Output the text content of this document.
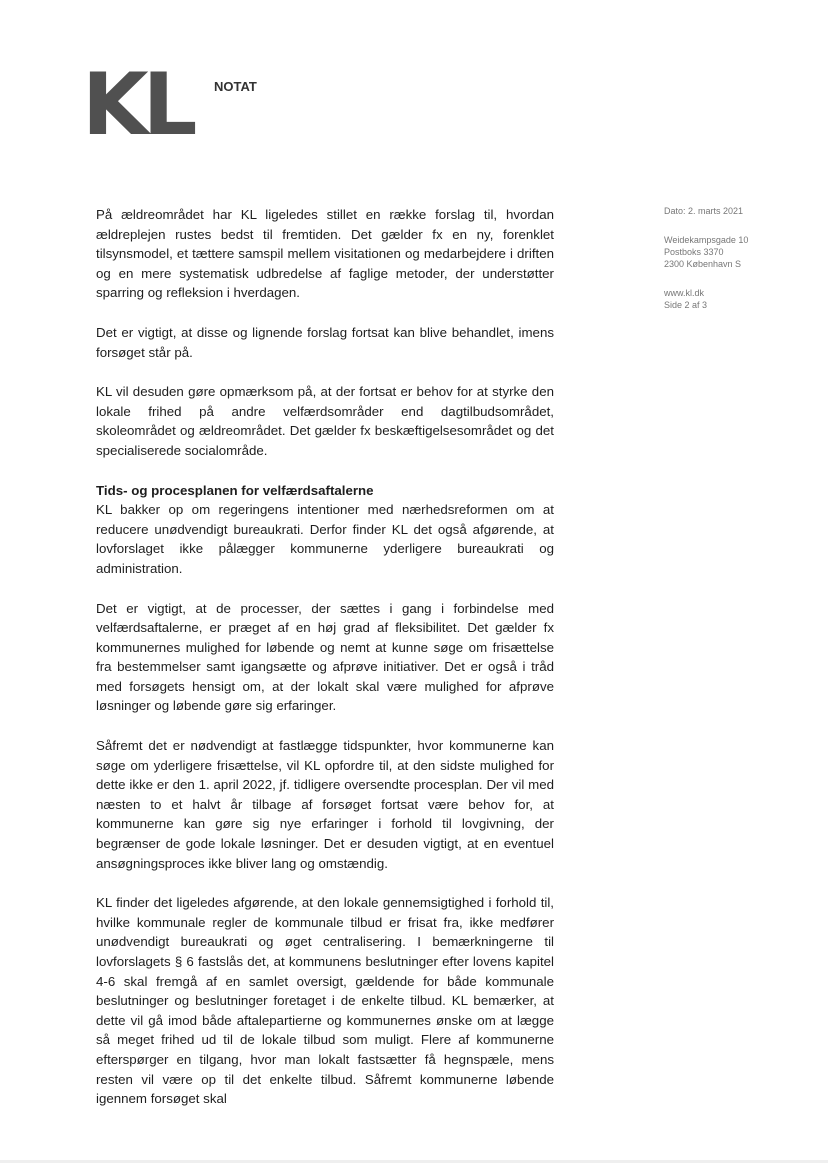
KL NOTAT
Dato: 2. marts 2021
Weidekampsgade 10
Postboks 3370
2300 København S
www.kl.dk
Side 2 af 3

På ældreområdet har KL ligeledes stillet en række forslag til, hvordan ældreplejen rustes bedst til fremtiden. Det gælder fx en ny, forenklet tilsynsmodel, et tættere samspil mellem visitationen og medarbejdere i driften og en mere systematisk udbredelse af faglige metoder, der understøtter sparring og refleksion i hverdagen.

Det er vigtigt, at disse og lignende forslag fortsat kan blive behandlet, imens forsøget står på.

KL vil desuden gøre opmærksom på, at der fortsat er behov for at styrke den lokale frihed på andre velfærdsområder end dagtilbudsområdet, skoleområdet og ældreområdet. Det gælder fx beskæftigelsesområdet og det specialiserede socialområde.

Tids- og procesplanen for velfærdsaftalerne

KL bakker op om regeringens intentioner med nærhedsreformen om at reducere unødvendigt bureaukrati. Derfor finder KL det også afgørende, at lovforslaget ikke pålægger kommunerne yderligere bureaukrati og administration.

Det er vigtigt, at de processer, der sættes i gang i forbindelse med velfærdsaftalerne, er præget af en høj grad af fleksibilitet. Det gælder fx kommunernes mulighed for løbende og nemt at kunne søge om frisættelse fra bestemmelser samt igangsætte og afprøve initiativer. Det er også i tråd med forsøgets hensigt om, at der lokalt skal være mulighed for afprøve løsninger og løbende gøre sig erfaringer.

Såfremt det er nødvendigt at fastlægge tidspunkter, hvor kommunerne kan søge om yderligere frisættelse, vil KL opfordre til, at den sidste mulighed for dette ikke er den 1. april 2022, jf. tidligere oversendte procesplan. Der vil med næsten to et halvt år tilbage af forsøget fortsat være behov for, at kommunerne kan gøre sig nye erfaringer i forhold til lovgivning, der begrænser de gode lokale løsninger. Det er desuden vigtigt, at en eventuel ansøgningsproces ikke bliver lang og omstændig.

KL finder det ligeledes afgørende, at den lokale gennemsigtighed i forhold til, hvilke kommunale regler de kommunale tilbud er frisat fra, ikke medfører unødvendigt bureaukrati og øget centralisering. I bemærkningerne til lovforslagets § 6 fastslås det, at kommunens beslutninger efter lovens kapitel 4-6 skal fremgå af en samlet oversigt, gældende for både kommunale beslutninger og beslutninger foretaget i de enkelte tilbud. KL bemærker, at dette vil gå imod både aftalepartierne og kommunernes ønske om at lægge så meget frihed ud til de lokale tilbud som muligt. Flere af kommunerne efterspørger en tilgang, hvor man lokalt fastsætter få hegnspæle, mens resten vil være op til det enkelte tilbud. Såfremt kommunerne løbende igennem forsøget skal
